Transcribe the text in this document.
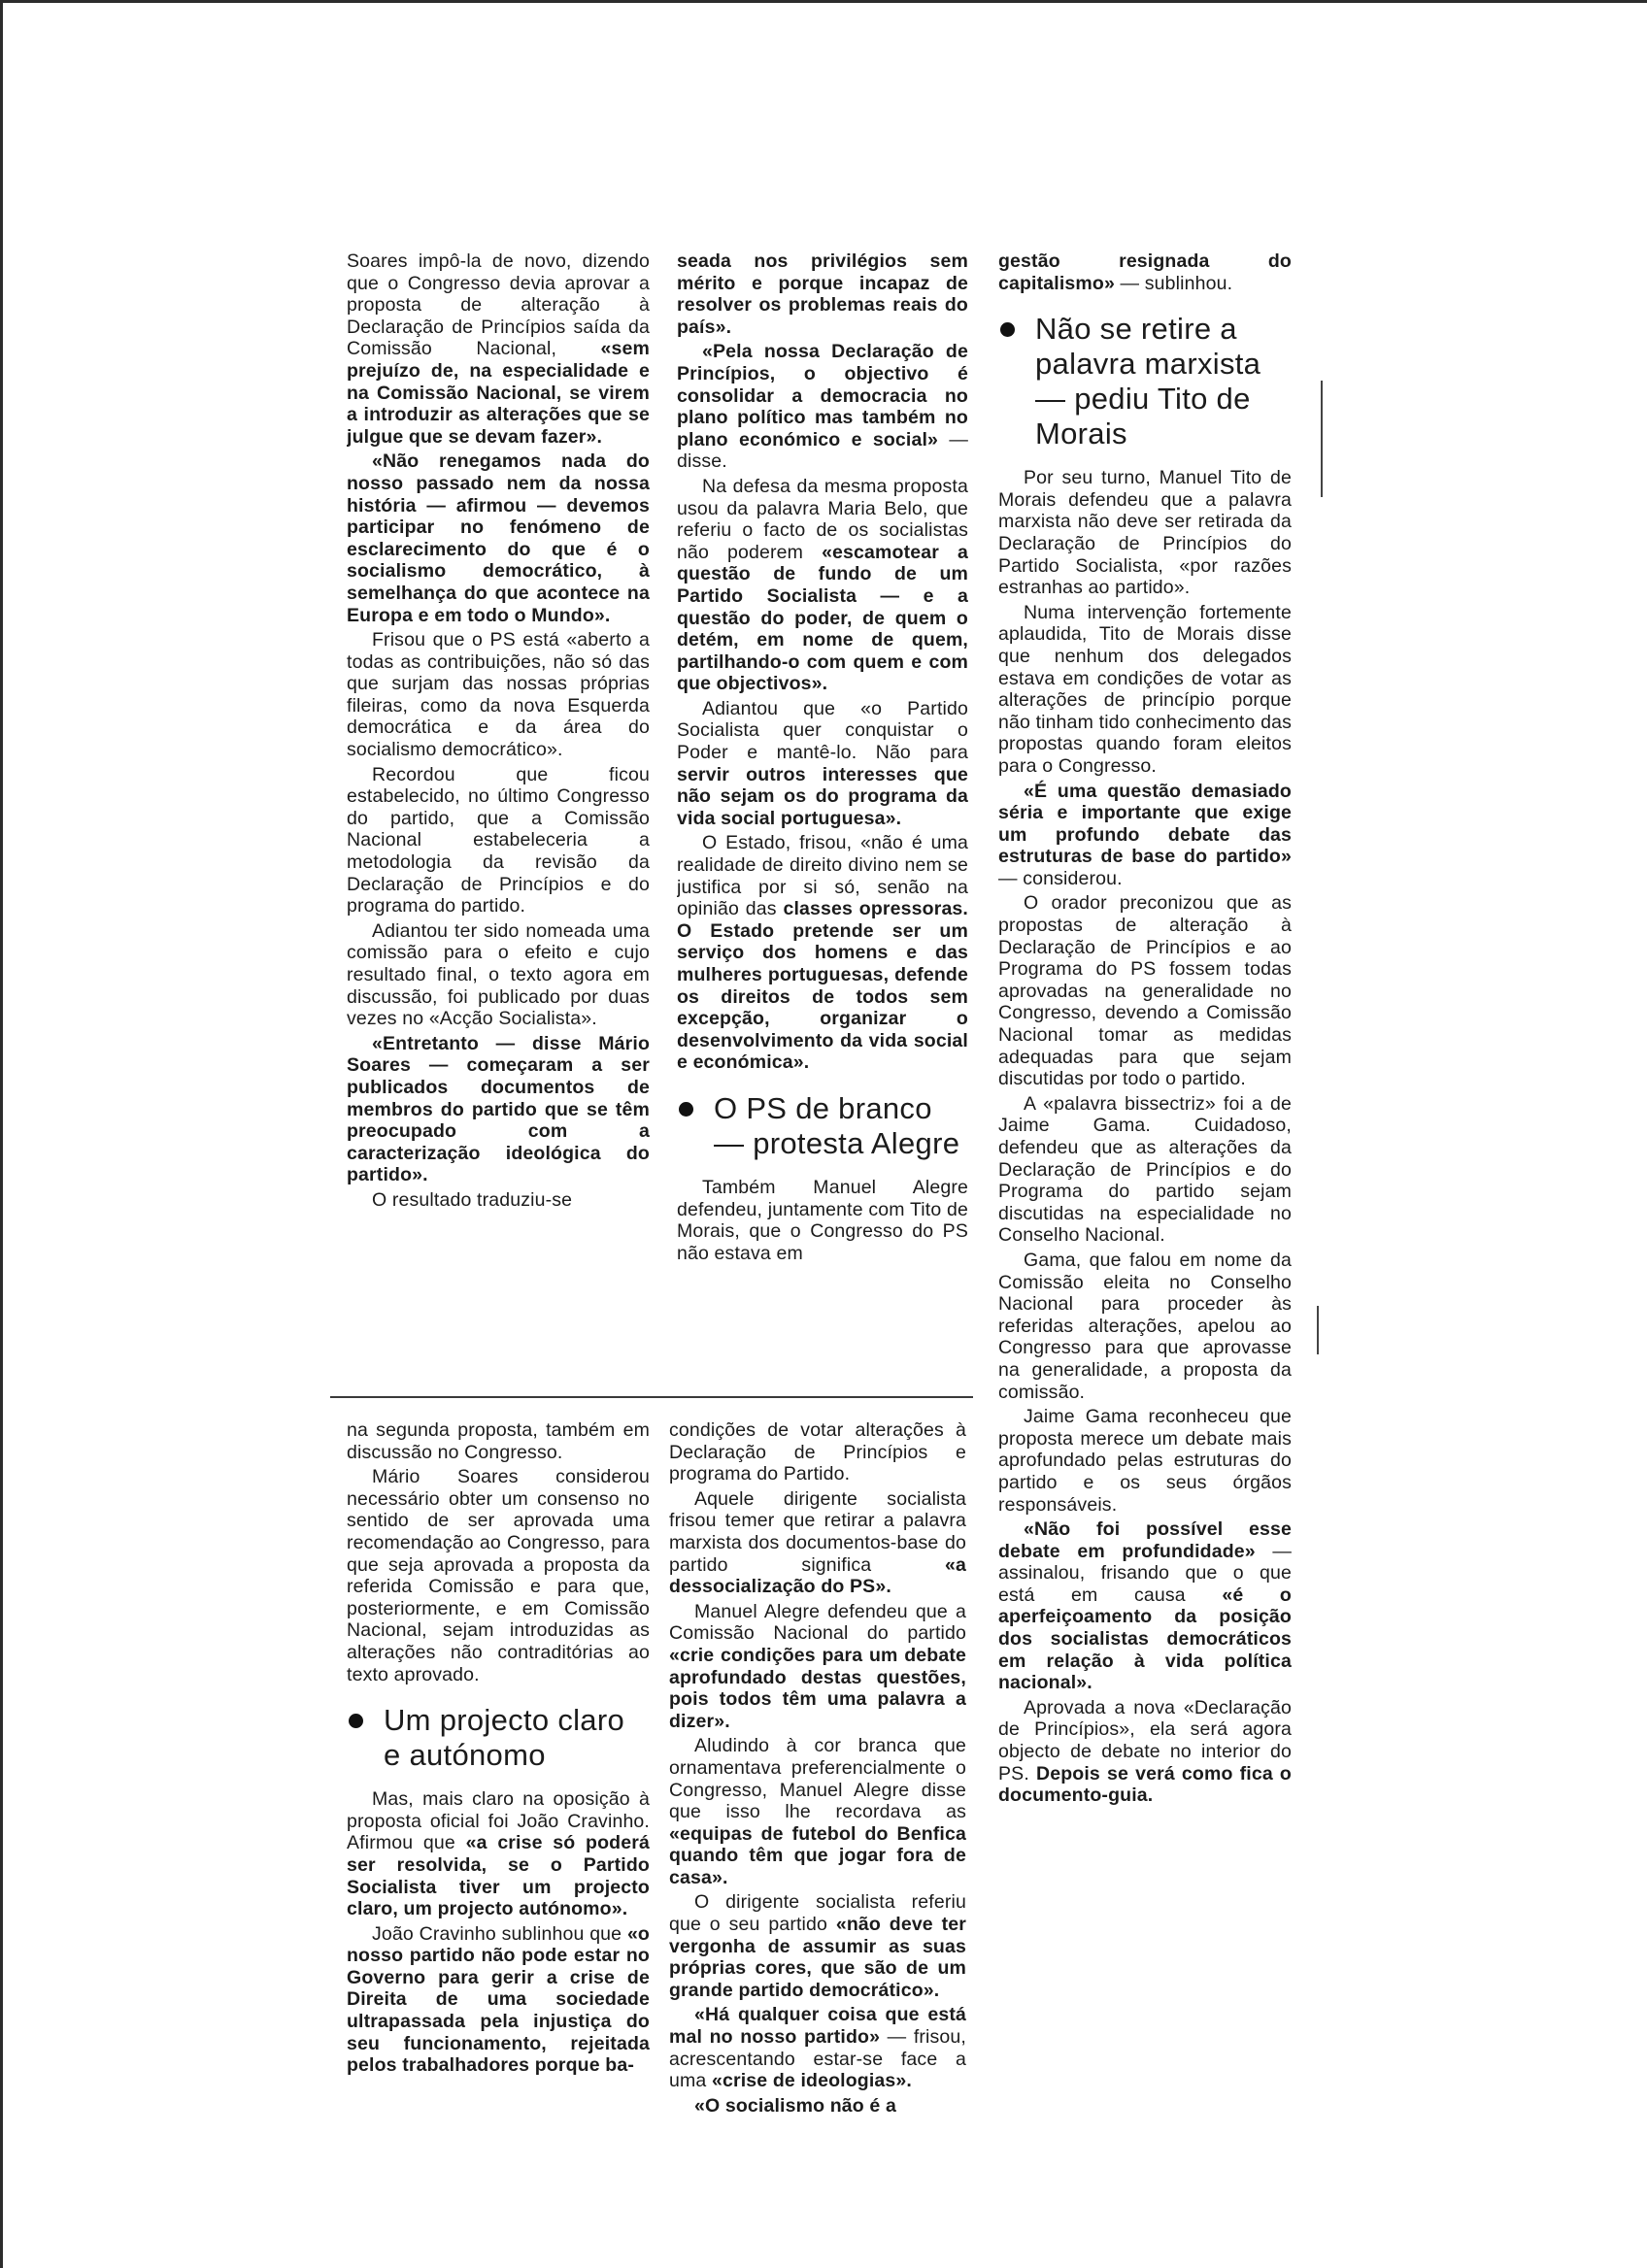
Soares impô-la de novo, dizendo que o Congresso devia aprovar a proposta de alteração à Declaração de Princípios saída da Comissão Nacional, «sem prejuízo de, na especialidade e na Comissão Nacional, se virem a introduzir as alterações que se julgue que se devam fazer».

«Não renegamos nada do nosso passado nem da nossa história — afirmou — devemos participar no fenómeno de esclarecimento do que é o socialismo democrático, à semelhança do que acontece na Europa e em todo o Mundo».

Frisou que o PS está «aberto a todas as contribuições, não só das que surjam das nossas próprias fileiras, como da nova Esquerda democrática e da área do socialismo democrático».

Recordou que ficou estabelecido, no último Congresso do partido, que a Comissão Nacional estabeleceria a metodologia da revisão da Declaração de Princípios e do programa do partido.

Adiantou ter sido nomeada uma comissão para o efeito e cujo resultado final, o texto agora em discussão, foi publicado por duas vezes no «Acção Socialista».

«Entretanto — disse Mário Soares — começaram a ser publicados documentos de membros do partido que se têm preocupado com a caracterização ideológica do partido».

O resultado traduziu-se

na segunda proposta, também em discussão no Congresso.

Mário Soares considerou necessário obter um consenso no sentido de ser aprovada uma recomendação ao Congresso, para que seja aprovada a proposta da referida Comissão e para que, posteriormente, e em Comissão Nacional, sejam introduzidas as alterações não contraditórias ao texto aprovado.

Um projecto claro e autónomo

Mas, mais claro na oposição à proposta oficial foi João Cravinho. Afirmou que «a crise só poderá ser resolvida, se o Partido Socialista tiver um projecto claro, um projecto autónomo».

João Cravinho sublinhou que «o nosso partido não pode estar no Governo para gerir a crise de Direita de uma sociedade ultrapassada pela injustiça do seu funcionamento, rejeitada pelos trabalhadores porque ba-

seada nos privilégios sem mérito e porque incapaz de resolver os problemas reais do país».

«Pela nossa Declaração de Princípios, o objectivo é consolidar a democracia no plano político mas também no plano económico e social» — disse.

Na defesa da mesma proposta usou da palavra Maria Belo, que referiu o facto de os socialistas não poderem «escamotear a questão de fundo de um Partido Socialista — e a questão do poder, de quem o detém, em nome de quem, partilhando-o com quem e com que objectivos».

Adiantou que «o Partido Socialista quer conquistar o Poder e mantê-lo. Não para servir outros interesses que não sejam os do programa da vida social portuguesa».

O Estado, frisou, «não é uma realidade de direito divino nem se justifica por si só, senão na opinião das classes opressoras. O Estado pretende ser um serviço dos homens e das mulheres portuguesas, defende os direitos de todos sem excepção, organizar o desenvolvimento da vida social e económica».

O PS de branco — protesta Alegre

Também Manuel Alegre defendeu, juntamente com Tito de Morais, que o Congresso do PS não estava em

condições de votar alterações à Declaração de Princípios e programa do Partido.

Aquele dirigente socialista frisou temer que retirar a palavra marxista dos documentos-base do partido significa	«a dessocialização do PS».

Manuel Alegre defendeu que a Comissão Nacional do partido «crie condições para um debate aprofundado destas questões, pois todos têm uma palavra a dizer».

Aludindo à cor branca que ornamentava preferencialmente o Congresso, Manuel Alegre disse que isso lhe recordava as «equipas de futebol do Benfica quando têm que jogar fora de casa».

O dirigente socialista referiu que o seu partido «não deve ter vergonha de assumir as suas próprias cores, que são de um grande partido democrático».

«Há qualquer coisa que está mal no nosso partido» — frisou, acrescentando estar-se face a uma «crise de ideologias».

«O socialismo não é a

gestão resignada do capitalismo» — sublinhou.

Não se retire a palavra marxista — pediu Tito de Morais

Por seu turno, Manuel Tito de Morais defendeu que a palavra marxista não deve ser retirada da Declaração de Princípios do Partido Socialista, «por razões estranhas ao partido».

Numa intervenção fortemente aplaudida, Tito de Morais disse que nenhum dos delegados estava em condições de votar as alterações de princípio porque não tinham tido conhecimento das propostas quando foram eleitos para o Congresso.

«É uma questão demasiado séria e importante que exige um profundo debate das estruturas de base do partido» — considerou.

O orador preconizou que as propostas de alteração à Declaração de Princípios e ao Programa do PS fossem todas aprovadas na generalidade no Congresso, devendo a Comissão Nacional tomar as medidas adequadas para que sejam discutidas por todo o partido.

A «palavra bissectriz» foi a de Jaime Gama. Cuidadoso, defendeu que as alterações da Declaração de Princípios e do Programa do partido sejam discutidas na especialidade no Conselho Nacional.

Gama, que falou em nome da Comissão eleita no Conselho Nacional para proceder às referidas alterações, apelou ao Congresso para que aprovasse na generalidade, a proposta da comissão.

Jaime Gama reconheceu que proposta merece um debate mais aprofundado pelas estruturas do partido e os seus órgãos responsáveis.

«Não foi possível esse debate em profundidade» — assinalou, frisando que o que está em causa «é o aperfeiçoamento da posição dos socialistas democráticos em relação à vida política nacional».

Aprovada a nova «Declaração de Princípios», ela será agora objecto de debate no interior do PS. Depois se verá como fica o documento-guia.
